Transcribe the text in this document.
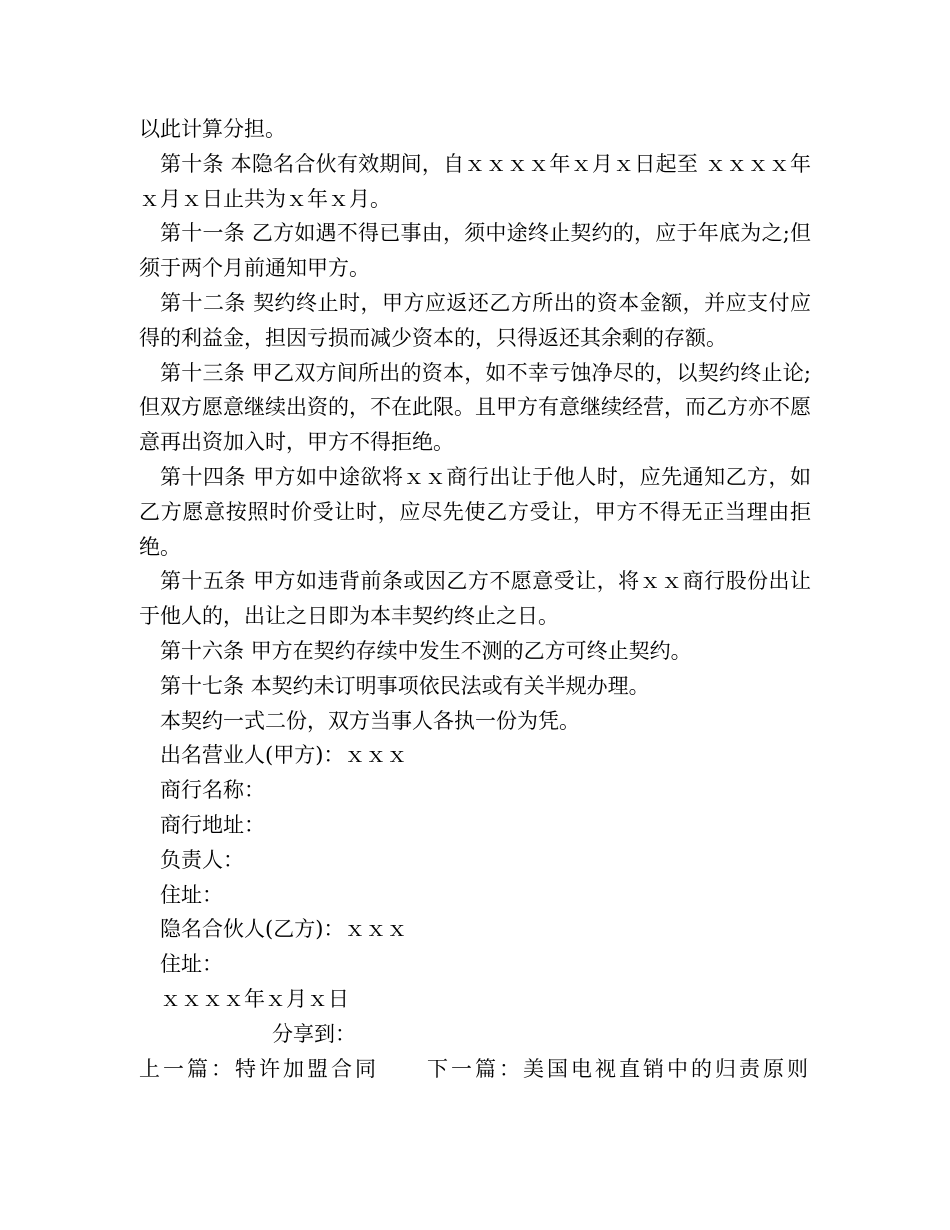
以此计算分担。

第十条 本隐名合伙有效期间，自ｘｘｘｘ年ｘ月ｘ日起至 ｘｘｘｘ年ｘ月ｘ日止共为ｘ年ｘ月。

第十一条 乙方如遇不得已事由，须中途终止契约的，应于年底为之;但须于两个月前通知甲方。

第十二条 契约终止时，甲方应返还乙方所出的资本金额，并应支付应得的利益金，担因亏损而减少资本的，只得返还其余剩的存额。

第十三条 甲乙双方间所出的资本，如不幸亏蚀净尽的，以契约终止论;但双方愿意继续出资的，不在此限。且甲方有意继续经营，而乙方亦不愿意再出资加入时，甲方不得拒绝。

第十四条 甲方如中途欲将ｘｘ商行出让于他人时，应先通知乙方，如乙方愿意按照时价受让时，应尽先使乙方受让，甲方不得无正当理由拒绝。

第十五条 甲方如违背前条或因乙方不愿意受让，将ｘｘ商行股份出让于他人的，出让之日即为本丰契约终止之日。

第十六条 甲方在契约存续中发生不测的乙方可终止契约。

第十七条 本契约未订明事项依民法或有关半规办理。

本契约一式二份，双方当事人各执一份为凭。

出名营业人(甲方)：ｘｘｘ

商行名称：

商行地址：

负责人：

住址：

隐名合伙人(乙方)：ｘｘｘ

住址：

ｘｘｘｘ年ｘ月ｘ日

分享到：

上一篇：特许加盟合同 下一篇：美国电视直销中的归责原则
